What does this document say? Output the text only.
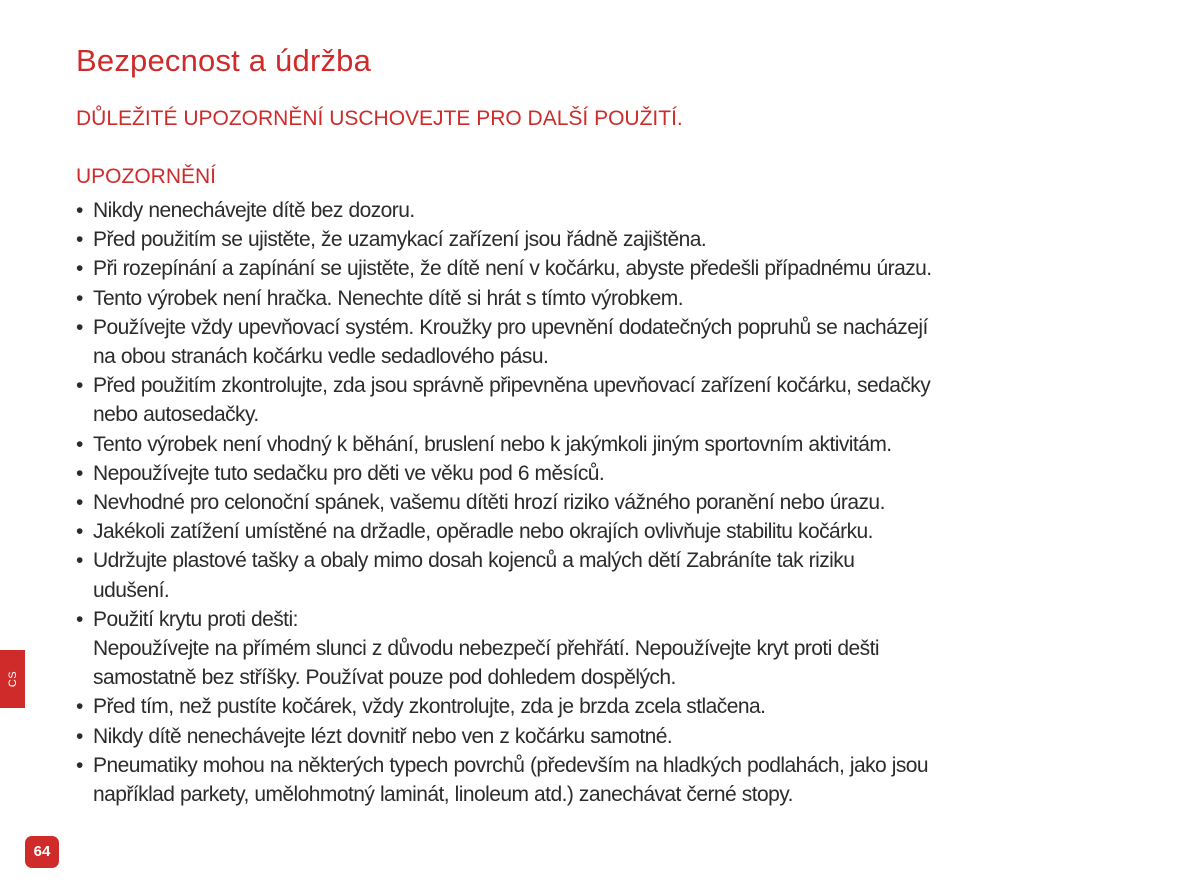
Bezpecnost a údržba
DŮLEŽITÉ UPOZORNĚNÍ USCHOVEJTE PRO DALŠÍ POUŽITÍ.
UPOZORNĚNÍ
• Nikdy nenechávejte dítě bez dozoru.
• Před použitím se ujistěte, že uzamykací zařízení jsou řádně zajištěna.
• Při rozepínání a zapínání se ujistěte, že dítě není v kočárku, abyste předešli případnému úrazu.
• Tento výrobek není hračka. Nenechte dítě si hrát s tímto výrobkem.
• Používejte vždy upevňovací systém. Kroužky pro upevnění dodatečných popruhů se nacházejí
na obou stranách kočárku vedle sedadlového pásu.
• Před použitím zkontrolujte, zda jsou správně připevněna upevňovací zařízení kočárku, sedačky
nebo autosedačky.
• Tento výrobek není vhodný k běhání, bruslení nebo k jakýmkoli jiným sportovním aktivitám.
• Nepoužívejte tuto sedačku pro děti ve věku pod 6 měsíců.
• Nevhodné pro celonoční spánek, vašemu dítěti hrozí riziko vážného poranění nebo úrazu.
• Jakékoli zatížení umístěné na držadle, opěradle nebo okrajích ovlivňuje stabilitu kočárku.
• Udržujte plastové tašky a obaly mimo dosah kojenců a malých dětí Zabráníte tak riziku
udušení.
• Použití krytu proti dešti:
Nepoužívejte na přímém slunci z důvodu nebezpečí přehřátí. Nepoužívejte kryt proti dešti
samostatně bez stříšky. Používat pouze pod dohledem dospělých.
• Před tím, než pustíte kočárek, vždy zkontrolujte, zda je brzda zcela stlačena.
• Nikdy dítě nenechávejte lézt dovnitř nebo ven z kočárku samotné.
• Pneumatiky mohou na některých typech povrchů (především na hladkých podlahách, jako jsou
například parkety, umělohmotný laminát, linoleum atd.) zanechávat černé stopy.
CS
64
